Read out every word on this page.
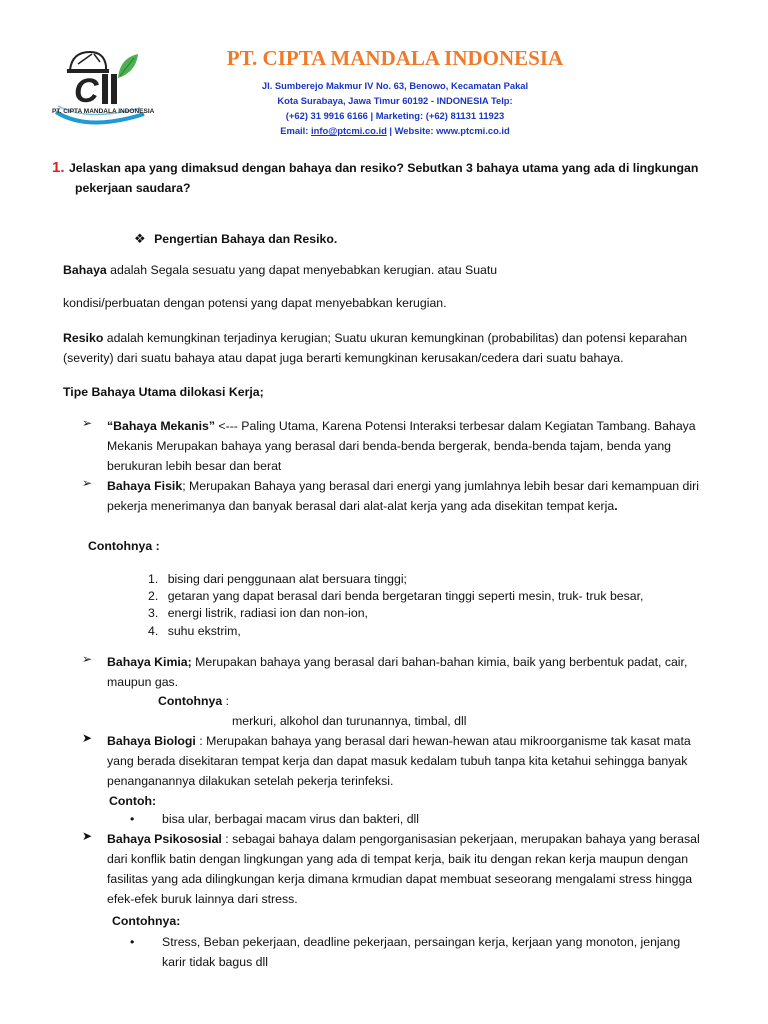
C
PT. CIPTA MANDALA INDONESIA
PT. CIPTA MANDALA INDONESIA
Jl. Sumberejo Makmur IV No. 63, Benowo, Kecamatan Pakal
Kota Surabaya, Jawa Timur 60192 - INDONESIA Telp:
(+62) 31 9916 6166 | Marketing: (+62) 81131 11923
Email: info@ptcmi.co.id | Website: www.ptcmi.co.id
1. Jelaskan apa yang dimaksud dengan bahaya dan resiko? Sebutkan 3 bahaya utama yang ada di lingkungan
pekerjaan saudara?
❖ Pengertian Bahaya dan Resiko.
Bahaya adalah Segala sesuatu yang dapat menyebabkan kerugian. atau Suatu
kondisi/perbuatan dengan potensi yang dapat menyebabkan kerugian.
Resiko adalah kemungkinan terjadinya kerugian; Suatu ukuran kemungkinan (probabilitas) dan potensi keparahan
(severity) dari suatu bahaya atau dapat juga berarti kemungkinan kerusakan/cedera dari suatu bahaya.
Tipe Bahaya Utama dilokasi Kerja;
➢ “Bahaya Mekanis” <--- Paling Utama, Karena Potensi Interaksi terbesar dalam Kegiatan Tambang. Bahaya
Mekanis Merupakan bahaya yang berasal dari benda-benda bergerak, benda-benda tajam, benda yang
berukuran lebih besar dan berat
➢ Bahaya Fisik; Merupakan Bahaya yang berasal dari energi yang jumlahnya lebih besar dari kemampuan diri
pekerja menerimanya dan banyak berasal dari alat-alat kerja yang ada disekitan tempat kerja.
Contohnya :
1. bising dari penggunaan alat bersuara tinggi;
2. getaran yang dapat berasal dari benda bergetaran tinggi seperti mesin, truk- truk besar,
3. energi listrik, radiasi ion dan non-ion,
4. suhu ekstrim,
➢ Bahaya Kimia; Merupakan bahaya yang berasal dari bahan-bahan kimia, baik yang berbentuk padat, cair,
maupun gas.
Contohnya :
merkuri, alkohol dan turunannya, timbal, dll
➤ Bahaya Biologi : Merupakan bahaya yang berasal dari hewan-hewan atau mikroorganisme tak kasat mata
yang berada disekitaran tempat kerja dan dapat masuk kedalam tubuh tanpa kita ketahui sehingga banyak
penanganannya dilakukan setelah pekerja terinfeksi.
Contoh:
• bisa ular, berbagai macam virus dan bakteri, dll
➤ Bahaya Psikososial : sebagai bahaya dalam pengorganisasian pekerjaan, merupakan bahaya yang berasal
dari konflik batin dengan lingkungan yang ada di tempat kerja, baik itu dengan rekan kerja maupun dengan
fasilitas yang ada dilingkungan kerja dimana krmudian dapat membuat seseorang mengalami stress hingga
efek-efek buruk lainnya dari stress.
Contohnya:
• Stress, Beban pekerjaan, deadline pekerjaan, persaingan kerja, kerjaan yang monoton, jenjang
karir tidak bagus dll
